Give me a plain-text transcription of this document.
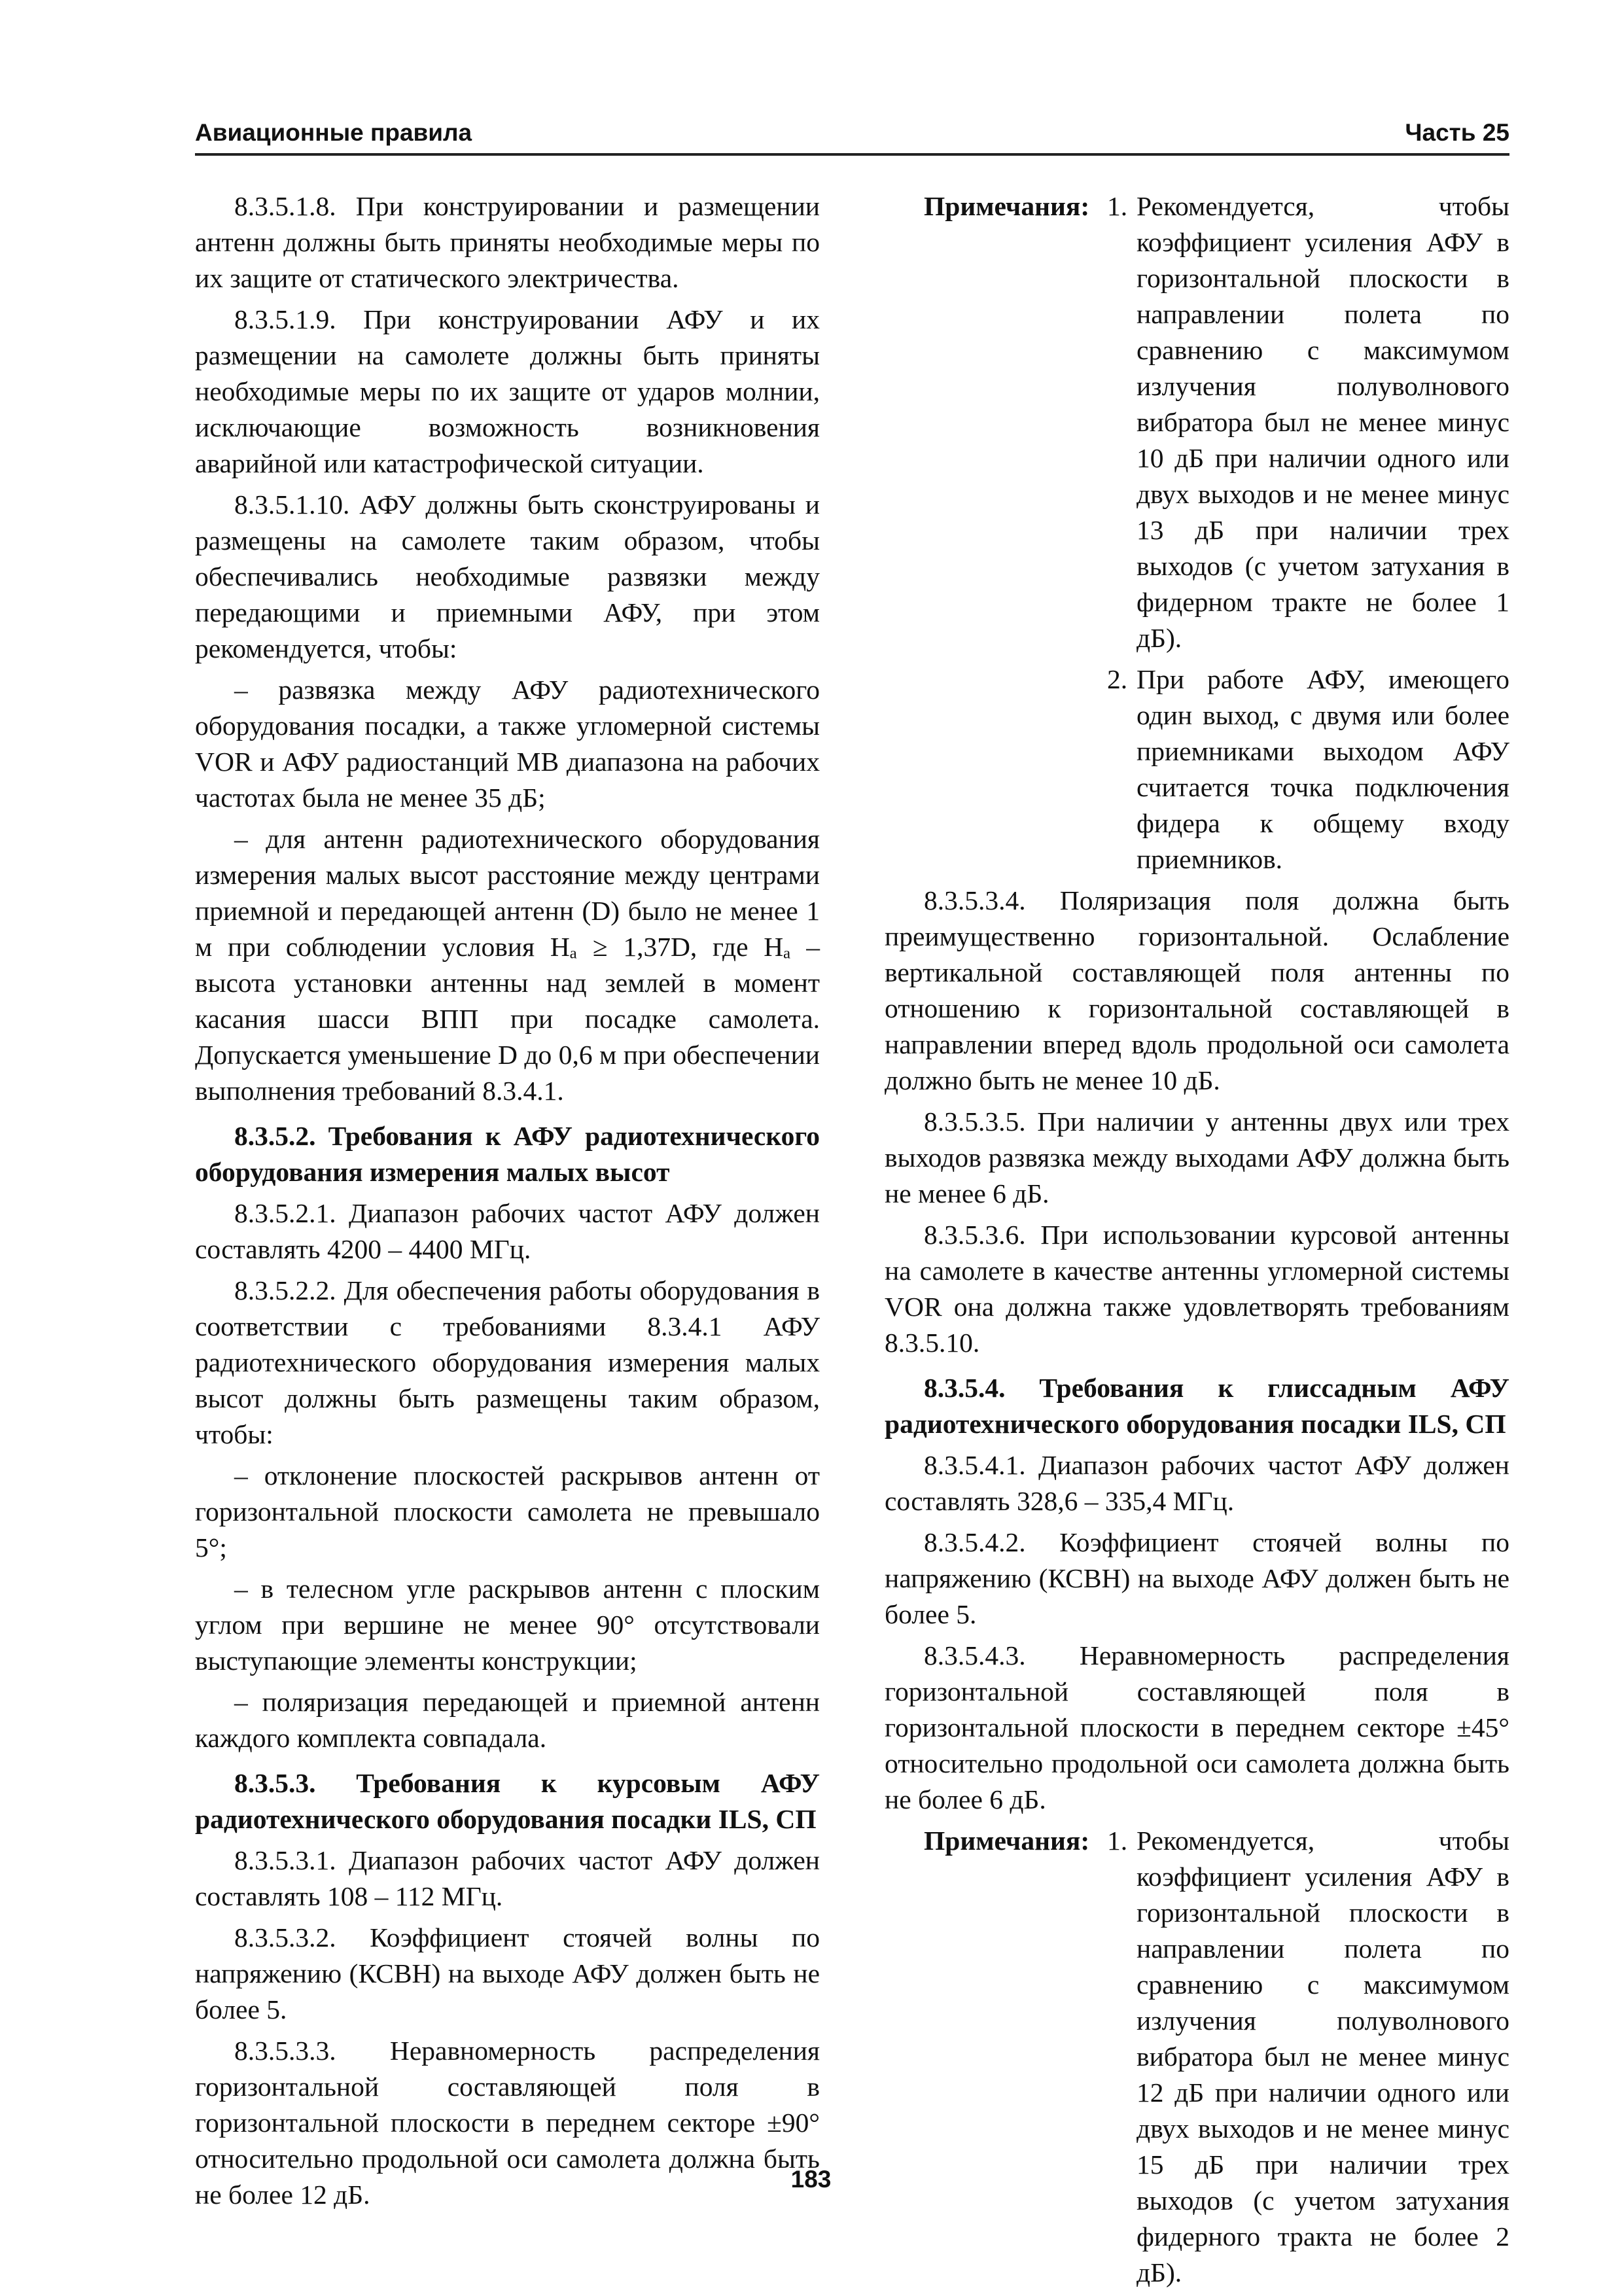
Авиационные правила	Часть 25

8.3.5.1.8. При конструировании и размещении антенн должны быть приняты необходимые меры по их защите от статического электричества.

8.3.5.1.9. При конструировании АФУ и их размещении на самолете должны быть приняты необходимые меры по их защите от ударов молнии, исключающие возможность возникновения аварийной или катастрофической ситуации.

8.3.5.1.10. АФУ должны быть сконструированы и размещены на самолете таким образом, чтобы обеспечивались необходимые развязки между передающими и приемными АФУ, при этом рекомендуется, чтобы:

– развязка между АФУ радиотехнического оборудования посадки, а также угломерной системы VOR и АФУ радиостанций МВ диапазона на рабочих частотах была не менее 35 дБ;

– для антенн радиотехнического оборудования измерения малых высот расстояние между центрами приемной и передающей антенн (D) было не менее 1 м при соблюдении условия Нₐ ≥ 1,37D, где Нₐ – высота установки антенны над землей в момент касания шасси ВПП при посадке самолета. Допускается уменьшение D до 0,6 м при обеспечении выполнения требований 8.3.4.1.

8.3.5.2. Требования к АФУ радиотехнического оборудования измерения малых высот

8.3.5.2.1. Диапазон рабочих частот АФУ должен составлять 4200 – 4400 МГц.

8.3.5.2.2. Для обеспечения работы оборудования в соответствии с требованиями 8.3.4.1 АФУ радиотехнического оборудования измерения малых высот должны быть размещены таким образом, чтобы:

– отклонение плоскостей раскрывов антенн от горизонтальной плоскости самолета не превышало 5°;

– в телесном угле раскрывов антенн с плоским углом при вершине не менее 90° отсутствовали выступающие элементы конструкции;

– поляризация передающей и приемной антенн каждого комплекта совпадала.

8.3.5.3. Требования к курсовым АФУ радиотехнического оборудования посадки ILS, СП

8.3.5.3.1. Диапазон рабочих частот АФУ должен составлять 108 – 112 МГц.

8.3.5.3.2. Коэффициент стоячей волны по напряжению (КСВН) на выходе АФУ должен быть не более 5.

8.3.5.3.3. Неравномерность распределения горизонтальной составляющей поля в горизонтальной плоскости в переднем секторе ±90° относительно продольной оси самолета должна быть не более 12 дБ.

Примечания: 1. Рекомендуется, чтобы коэффициент усиления АФУ в горизонтальной плоскости в направлении полета по сравнению с максимумом излучения полуволнового вибратора был не менее минус 10 дБ при наличии одного или двух выходов и не менее минус 13 дБ при наличии трех выходов (с учетом затухания в фидерном тракте не более 1 дБ).
2. При работе АФУ, имеющего один выход, с двумя или более приемниками выходом АФУ считается точка подключения фидера к общему входу приемников.

8.3.5.3.4. Поляризация поля должна быть преимущественно горизонтальной. Ослабление вертикальной составляющей поля антенны по отношению к горизонтальной составляющей в направлении вперед вдоль продольной оси самолета должно быть не менее 10 дБ.

8.3.5.3.5. При наличии у антенны двух или трех выходов развязка между выходами АФУ должна быть не менее 6 дБ.

8.3.5.3.6. При использовании курсовой антенны на самолете в качестве антенны угломерной системы VOR она должна также удовлетворять требованиям 8.3.5.10.

8.3.5.4. Требования к глиссадным АФУ радиотехнического оборудования посадки ILS, СП

8.3.5.4.1. Диапазон рабочих частот АФУ должен составлять 328,6 – 335,4 МГц.

8.3.5.4.2. Коэффициент стоячей волны по напряжению (КСВН) на выходе АФУ должен быть не более 5.

8.3.5.4.3. Неравномерность распределения горизонтальной составляющей поля в горизонтальной плоскости в переднем секторе ±45° относительно продольной оси самолета должна быть не более 6 дБ.

Примечания: 1. Рекомендуется, чтобы коэффициент усиления АФУ в горизонтальной плоскости в направлении полета по сравнению с максимумом излучения полуволнового вибратора был не менее минус 12 дБ при наличии одного или двух выходов и не менее минус 15 дБ при наличии трех выходов (с учетом затухания фидерного тракта не более 2 дБ).
183
